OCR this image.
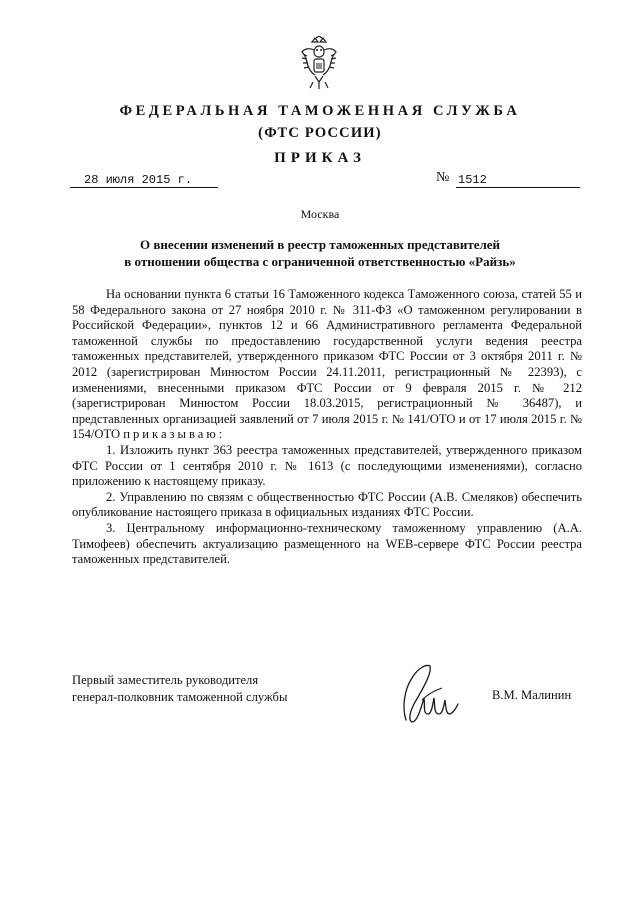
ФЕДЕРАЛЬНАЯ ТАМОЖЕННАЯ СЛУЖБА
(ФТС РОССИИ)
ПРИКАЗ
28 июля 2015 г.	№ 1512
Москва
О внесении изменений в реестр таможенных представителей
в отношении общества с ограниченной ответственностью «Райзь»

На основании пункта 6 статьи 16 Таможенного кодекса Таможенного союза, статей 55 и 58 Федерального закона от 27 ноября 2010 г. № 311-ФЗ «О таможенном регулировании в Российской Федерации», пунктов 12 и 66 Административного регламента Федеральной таможенной службы по предоставлению государственной услуги ведения реестра таможенных представителей, утвержденного приказом ФТС России от 3 октября 2011 г. № 2012 (зарегистрирован Минюстом России 24.11.2011, регистрационный № 22393), с изменениями, внесенными приказом ФТС России от 9 февраля 2015 г. № 212 (зарегистрирован Минюстом России 18.03.2015, регистрационный № 36487), и представленных организацией заявлений от 7 июля 2015 г. № 141/ОТО и от 17 июля 2015 г. № 154/ОТО приказываю:

1. Изложить пункт 363 реестра таможенных представителей, утвержденного приказом ФТС России от 1 сентября 2010 г. № 1613 (с последующими изменениями), согласно приложению к настоящему приказу.

2. Управлению по связям с общественностью ФТС России (А.В. Смеляков) обеспечить опубликование настоящего приказа в официальных изданиях ФТС России.

3. Центральному информационно-техническому таможенному управлению (А.А. Тимофеев) обеспечить актуализацию размещенного на WEB-сервере ФТС России реестра таможенных представителей.

Первый заместитель руководителя
генерал-полковник таможенной службы	В.М. Малинин
